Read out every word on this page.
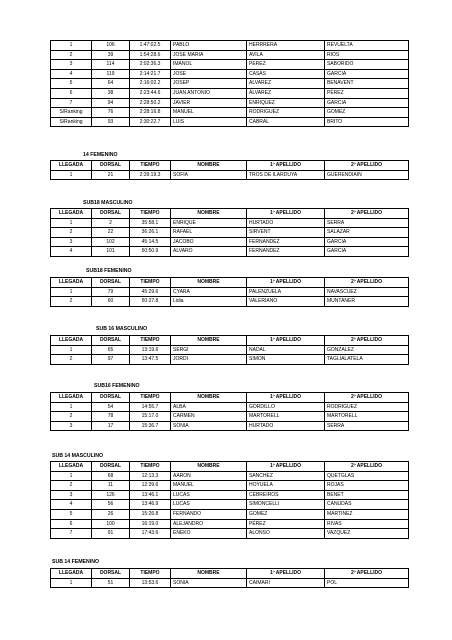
1	106	1:47:02.5	PABLO	HERRRERA	REVUELTA
2	39	1:54:28.6	JOSE MARIA	AVILA	RIOS
3	114	2:02:36.3	IMANOL	PEREZ	SABORIDO
4	119	2:14:21.7	JOSE	CASÁS	GARCIA
5	64	2:16:02.2	JOSEP	ALVAREZ	BENAVENT
6	38	2:23:44.6	JUAN ANTONIO	ÁLVAREZ	PÉREZ
7	94	2:28:50.2	JAVIER	ENRIQUEZ	GARCIA
S/Ranking	76	2:28:16.8	MANUEL	RODRIGUEZ	GOMEZ
S/Ranking	93	2:30:22.7	LUIS	CABRAL	BRITO
14 FEMENINO
LLEGADA	DORSAL	TIEMPO	NOMBRE	1º APELLIDO	2º APELLIDO
1	21	2:39:19.3	SOFIA	TROS DE ILARDUYA	GUERENDIAIN
SUB18 MASCULINO
LLEGADA	DORSAL	TIEMPO	NOMBRE	1º APELLIDO	2º APELLIDO
1	2	35:58.1	ENRIQUE	HURTADO	SERRA
2	22	36:26.1	RAFAEL	SIRVENT	SALAZAR
3	102	45:14.5	JACOBO	FERNANDEZ	GARCIA
4	101	50:50.9	ALVARO	FERNANDEZ	GARCIA
SUB18 FEMENINO
LLEGADA	DORSAL	TIEMPO	NOMBRE	1º APELLIDO	2º APELLIDO
1	79	45:29.6	CYARA	PALENZUELA	NAVASCUEZ
2	60	50:27.8	Lidia	VALERIANO	MUNTANER
SUB 16 MASCULINO
LLEGADA	DORSAL	TIEMPO	NOMBRE	1º APELLIDO	2º APELLIDO
1	65	13:19.6	SERGI	NADAL	GONZALEZ
2	97	13:47.5	JORDI	SIMON	TAGLIALATELA
SUB16 FEMENINO
LLEGADA	DORSAL	TIEMPO	NOMBRE	1º APELLIDO	2º APELLIDO
1	54	14:55.7	ALBA	GORDILLO	RODRIGUEZ
2	78	15:17.0	CARMEN	MARTORELL	MARTORELL
3	17	15:36.7	SONIA	HURTADO	SERRA
SUB 14 MASCULINO
LLEGADA	DORSAL	TIEMPO	NOMBRE	1º APELLIDO	2º APELLIDO
1	68	12:13.3	AARON	SANCHEZ	QUETGLAS
2	11	12:39.6	MANUEL	HOYUELA	ROJAS
3	126	13:46.1	LUCAS	CEBREIROS	BENET
4	56	13:46.9	LUCAS	SIMONCELLI	CANUDAS
5	26	15:26.8	FERNANDO	GOMEZ	MARTINEZ
6	100	16:19.0	ALEJANDRO	PÉREZ	RIVAS
7	91	17:43.6	ENEKO	ALONSO	VAZQUEZ
SUB 14 FEMENINO
LLEGADA	DORSAL	TIEMPO	NOMBRE	1º APELLIDO	2º APELLIDO
1	51	13:53.6	SONIA	CAIMARI	POL
